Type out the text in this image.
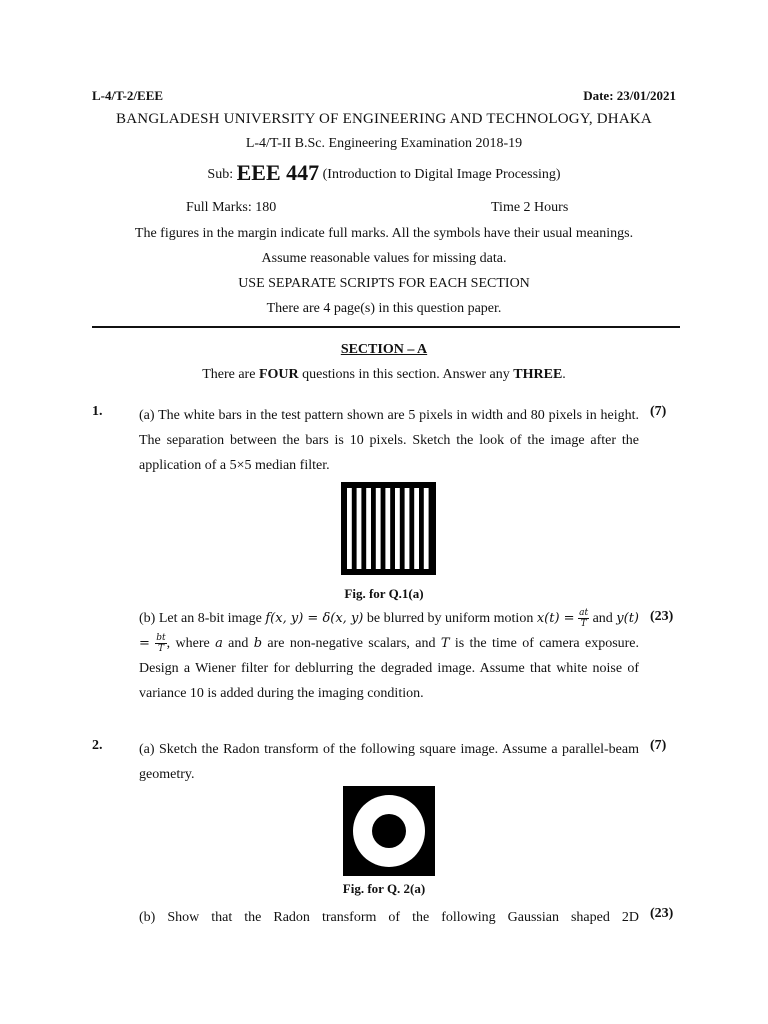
L-4/T-2/EEE	Date: 23/01/2021
BANGLADESH UNIVERSITY OF ENGINEERING AND TECHNOLOGY, DHAKA
L-4/T-II B.Sc. Engineering Examination 2018-19
Sub: EEE 447 (Introduction to Digital Image Processing)
Full Marks: 180	Time 2 Hours
The figures in the margin indicate full marks. All the symbols have their usual meanings.
Assume reasonable values for missing data.
USE SEPARATE SCRIPTS FOR EACH SECTION
There are 4 page(s) in this question paper.
SECTION – A
There are FOUR questions in this section. Answer any THREE.
1.	(a) The white bars in the test pattern shown are 5 pixels in width and 80 pixels in height. The separation between the bars is 10 pixels. Sketch the look of the image after the application of a 5×5 median filter.
(7)
Fig. for Q.1(a)
(b) Let an 8-bit image f(x, y) = δ(x, y) be blurred by uniform motion $x(t) = \frac{at}{T}$ and $y(t) = \frac{bt}{T}$ , where a and b are non-negative scalars, and T is the time of camera exposure. Design a Wiener filter for deblurring the degraded image. Assume that white noise of variance 10 is added during the imaging condition.
(23)
2.	(a) Sketch the Radon transform of the following square image. Assume a parallel-beam geometry.
(7)
Fig. for Q. 2(a)
(b) Show that the Radon transform of the following Gaussian shaped 2D (23)
